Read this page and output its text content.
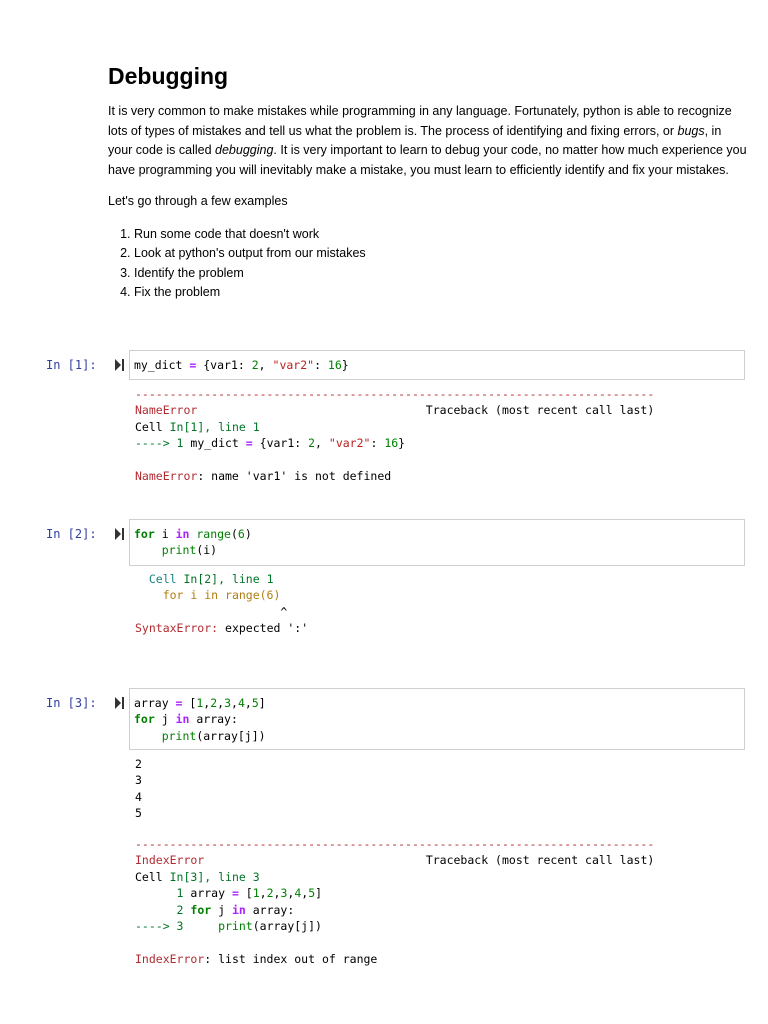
Debugging

It is very common to make mistakes while programming in any language. Fortunately, python is able to recognize lots of types of mistakes and tell us what the problem is. The process of identifying and fixing errors, or bugs, in your code is called debugging. It is very important to learn to debug your code, no matter how much experience you have programming you will inevitably make a mistake, you must learn to efficiently identify and fix your mistakes.

Let's go through a few examples

1. Run some code that doesn't work
2. Look at python's output from our mistakes
3. Identify the problem
4. Fix the problem
In [1]:	my_dict = {var1: 2, "var2": 16}
---------------------------------------------------------------------------
NameError	Traceback (most recent call last)
Cell In[1], line 1
----> 1 my_dict = {var1: 2, "var2": 16}

NameError: name 'var1' is not defined
In [2]:	for i in range(6)
print(i)
Cell In[2], line 1
for i in range(6)
^
SyntaxError: expected ':'
In [3]:	array = [1,2,3,4,5]
for j in array:
print(array[j])
2
3
4
5
---------------------------------------------------------------------------
IndexError	Traceback (most recent call last)
Cell In[3], line 3
1 array = [1,2,3,4,5]
2 for j in array:
----> 3     print(array[j])

IndexError: list index out of range
